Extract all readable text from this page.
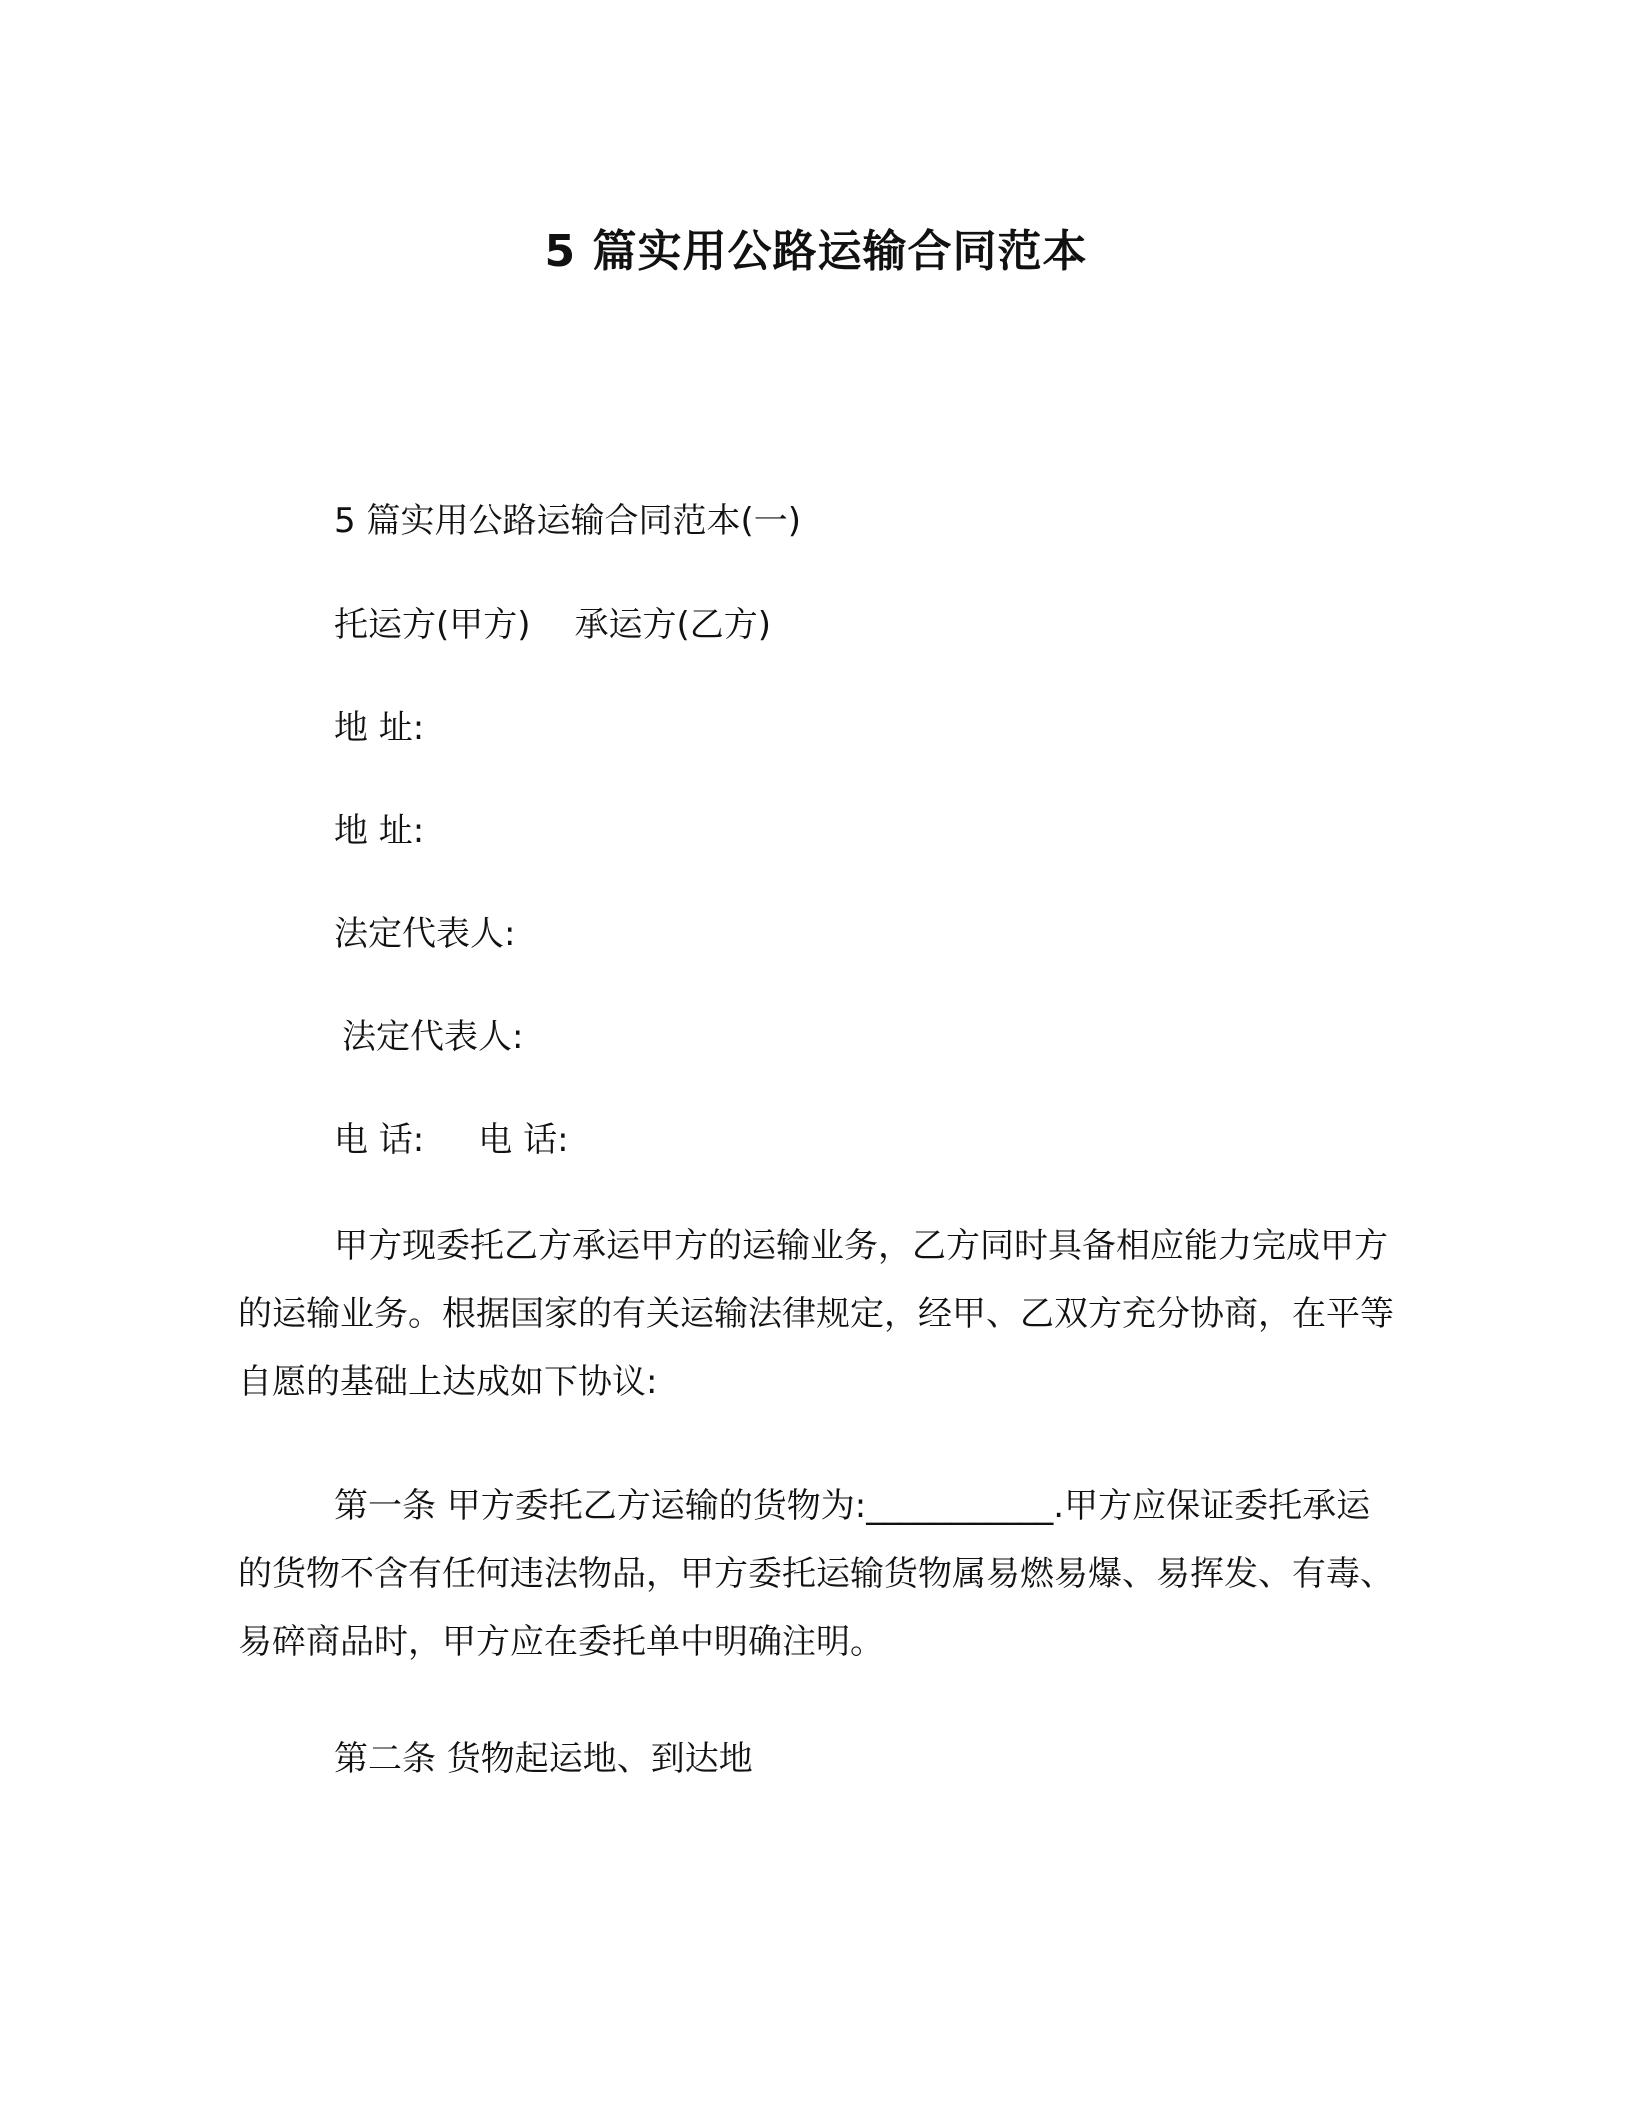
5 篇实用公路运输合同范本

5 篇实用公路运输合同范本(一)

托运方(甲方) 承运方(乙方)

地 址:

地 址:

法定代表人:

法定代表人:

电 话: 电 话:

甲方现委托乙方承运甲方的运输业务，乙方同时具备相应能力完成甲方的运输业务。根据国家的有关运输法律规定，经甲、乙双方充分协商，在平等自愿的基础上达成如下协议:

第一条 甲方委托乙方运输的货物为:___________.甲方应保证委托承运的货物不含有任何违法物品，甲方委托运输货物属易燃易爆、易挥发、有毒、易碎商品时，甲方应在委托单中明确注明。

第二条 货物起运地、到达地
